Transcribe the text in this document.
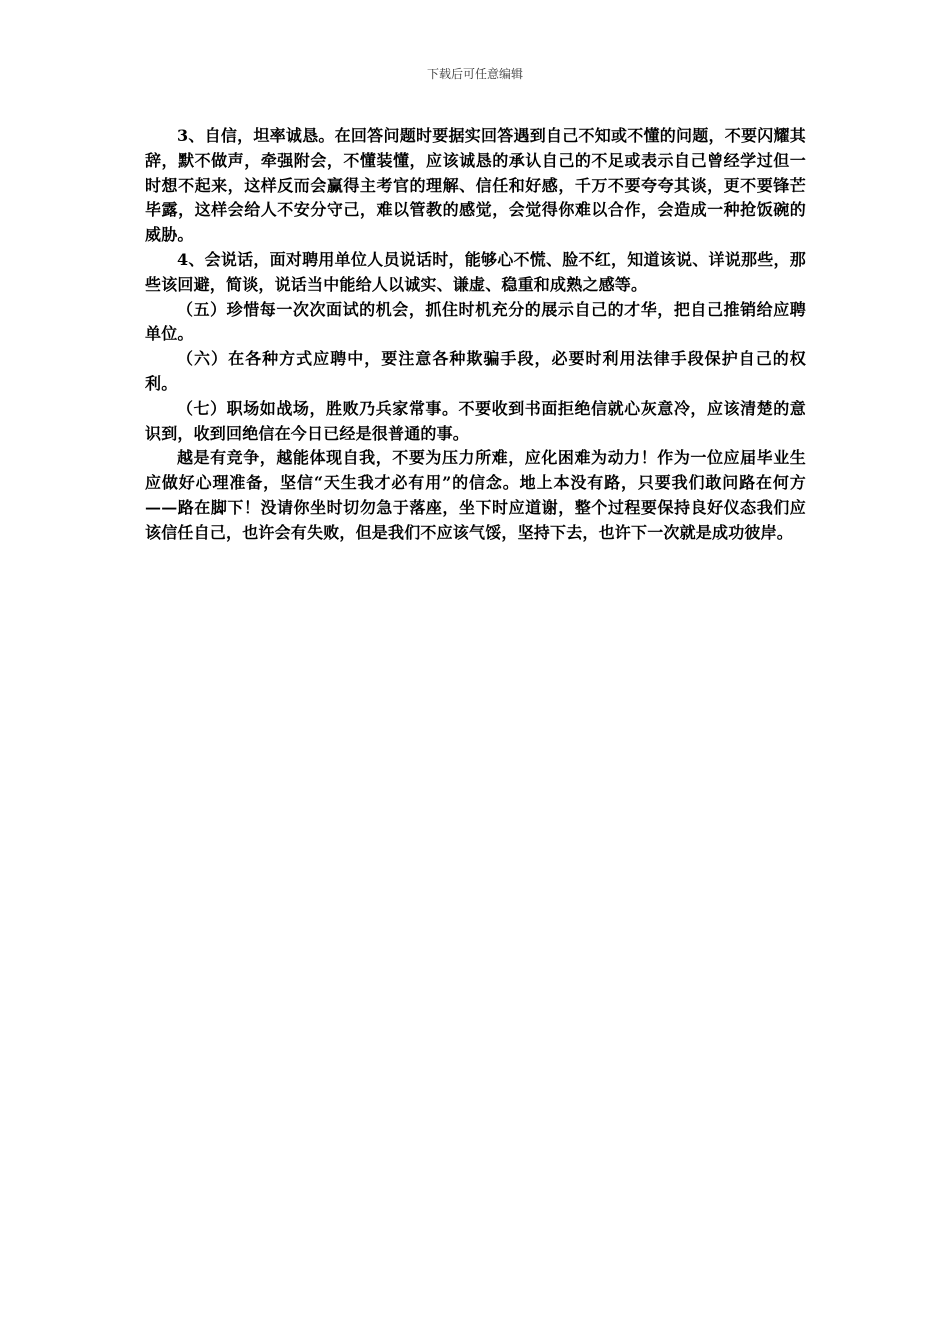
下载后可任意编辑

3、自信，坦率诚恳。在回答问题时要据实回答遇到自己不知或不懂的问题，不要闪耀其辞，默不做声，牵强附会，不懂装懂，应该诚恳的承认自己的不足或表示自己曾经学过但一时想不起来，这样反而会赢得主考官的理解、信任和好感，千万不要夸夸其谈，更不要锋芒毕露，这样会给人不安分守己，难以管教的感觉，会觉得你难以合作，会造成一种抢饭碗的威胁。

4、会说话，面对聘用单位人员说话时，能够心不慌、脸不红，知道该说、详说那些，那些该回避，简谈，说话当中能给人以诚实、谦虚、稳重和成熟之感等。

（五）珍惜每一次次面试的机会，抓住时机充分的展示自己的才华，把自己推销给应聘单位。

（六）在各种方式应聘中，要注意各种欺骗手段，必要时利用法律手段保护自己的权利。

（七）职场如战场，胜败乃兵家常事。不要收到书面拒绝信就心灰意冷，应该清楚的意识到，收到回绝信在今日已经是很普通的事。

越是有竞争，越能体现自我，不要为压力所难，应化困难为动力！作为一位应届毕业生应做好心理准备，坚信“天生我才必有用”的信念。地上本没有路，只要我们敢问路在何方——路在脚下！没请你坐时切勿急于落座，坐下时应道谢，整个过程要保持良好仪态我们应该信任自己，也许会有失败，但是我们不应该气馁，坚持下去，也许下一次就是成功彼岸。
